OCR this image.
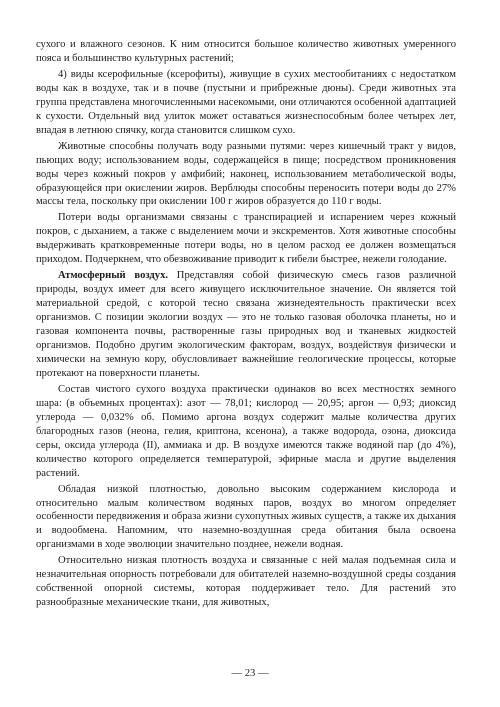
сухого и влажного сезонов. К ним относится большое количество животных умеренного пояса и большинство культурных растений;

4) виды ксерофильные (ксерофиты), живущие в сухих местообитаниях с недостатком воды как в воздухе, так и в почве (пустыни и прибрежные дюны). Среди животных эта группа представлена многочисленными насекомыми, они отличаются особенной адаптацией к сухости. Отдельный вид улиток может оставаться жизнеспособным более четырех лет, впадая в летнюю спячку, когда становится слишком сухо.

Животные способны получать воду разными путями: через кишечный тракт у видов, пьющих воду; использованием воды, содержащейся в пище; посредством проникновения воды через кожный покров у амфибий; наконец, использованием метаболической воды, образующейся при окислении жиров. Верблюды способны переносить потери воды до 27% массы тела, поскольку при окислении 100 г жиров образуется до 110 г воды.

Потери воды организмами связаны с транспирацией и испарением через кожный покров, с дыханием, а также с выделением мочи и экскрементов. Хотя животные способны выдерживать кратковременные потери воды, но в целом расход ее должен возмещаться приходом. Подчеркнем, что обезвоживание приводит к гибели быстрее, нежели голодание.

Атмосферный воздух. Представляя собой физическую смесь газов различной природы, воздух имеет для всего живущего исключительное значение. Он является той материальной средой, с которой тесно связана жизнедеятельность практически всех организмов. С позиции экологии воздух — это не только газовая оболочка планеты, но и газовая компонента почвы, растворенные газы природных вод и тканевых жидкостей организмов. Подобно другим экологическим факторам, воздух, воздействуя физически и химически на земную кору, обусловливает важнейшие геологические процессы, которые протекают на поверхности планеты.

Состав чистого сухого воздуха практически одинаков во всех местностях земного шара: (в объемных процентах): азот — 78,01; кислород — 20,95; аргон — 0,93; диоксид углерода — 0,032% об. Помимо аргона воздух содержит малые количества других благородных газов (неона, гелия, криптона, ксенона), а также водорода, озона, диоксида серы, оксида углерода (II), аммиака и др. В воздухе имеются также водяной пар (до 4%), количество которого определяется температурой, эфирные масла и другие выделения растений.

Обладая низкой плотностью, довольно высоким содержанием кислорода и относительно малым количеством водяных паров, воздух во многом определяет особенности передвижения и образа жизни сухопутных живых существ, а также их дыхания и водообмена. Напомним, что наземно-воздушная среда обитания была освоена организмами в ходе эволюции значительно позднее, нежели водная.

Относительно низкая плотность воздуха и связанные с ней малая подъемная сила и незначительная опорность потребовали для обитателей наземно-воздушной среды создания собственной опорной системы, которая поддерживает тело. Для растений это разнообразные механические ткани, для животных,

— 23 —
